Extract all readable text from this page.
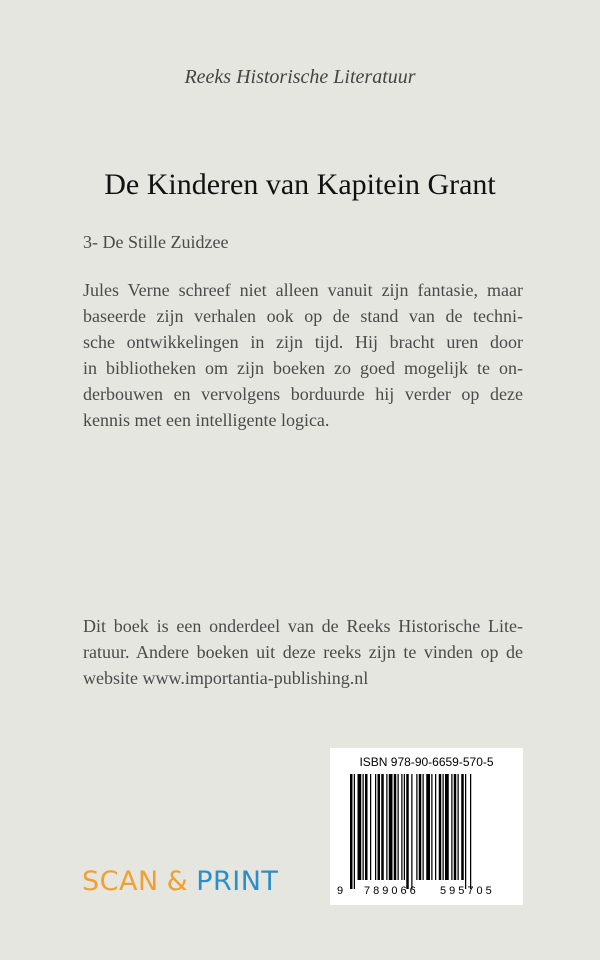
Reeks Historische Literatuur
De Kinderen van Kapitein Grant
3- De Stille Zuidzee

Jules Verne schreef niet alleen vanuit zijn fantasie, maar
baseerde zijn verhalen ook op de stand van de techni-
sche ontwikkelingen in zijn tijd. Hij bracht uren door
in bibliotheken om zijn boeken zo goed mogelijk te on-
derbouwen en vervolgens borduurde hij verder op deze
kennis met een intelligente logica.

Dit boek is een onderdeel van de Reeks Historische Lite-
ratuur. Andere boeken uit deze reeks zijn te vinden op de
website www.importantia-publishing.nl

SCAN & PRINT
ISBN 978-90-6659-570-5
9 789066 595705
